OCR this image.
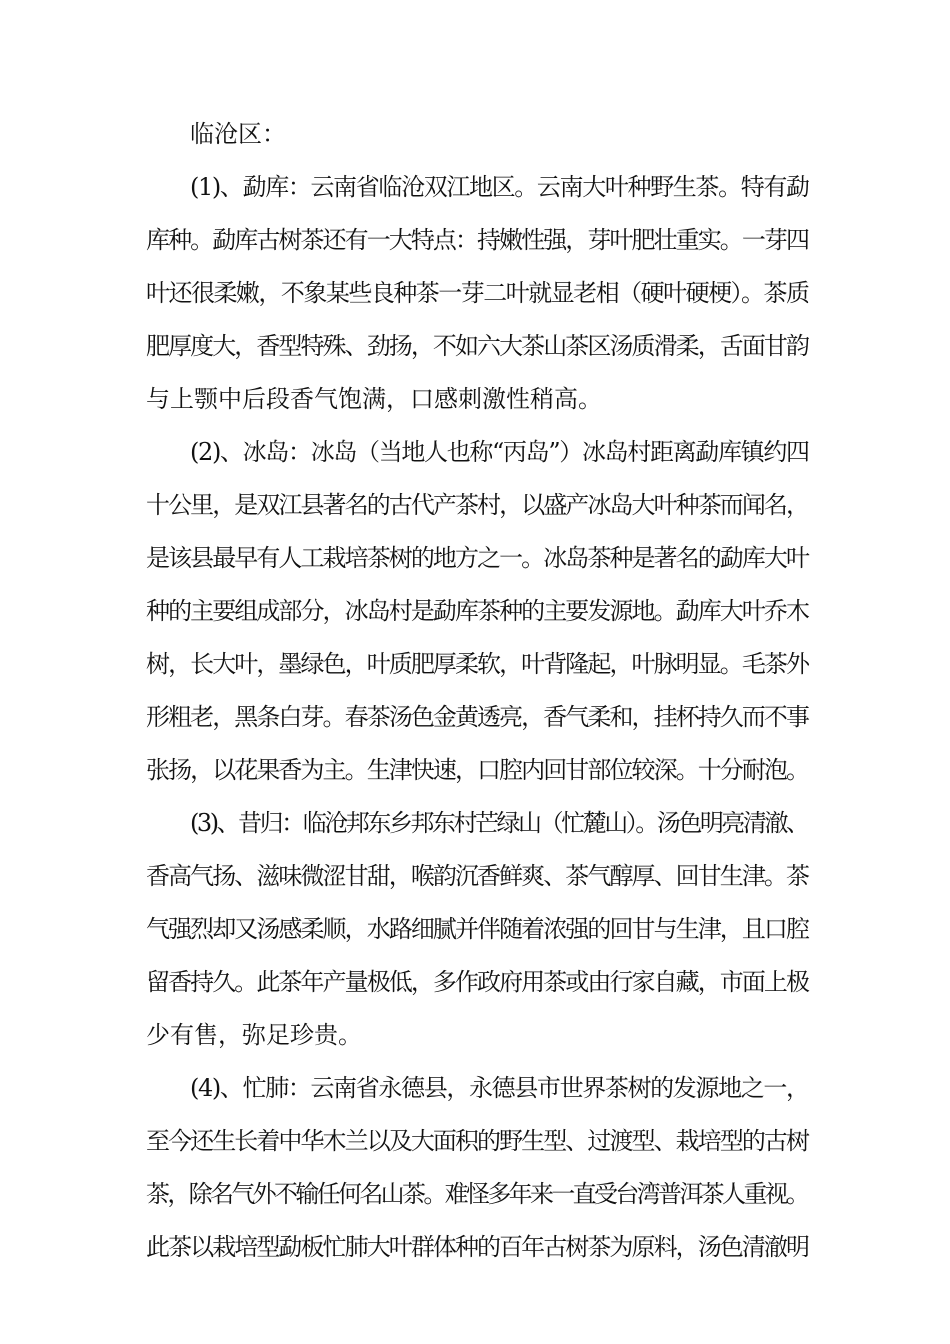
临沧区：
(1)、勐库：云南省临沧双江地区。云南大叶种野生茶。特有勐
库种。勐库古树茶还有一大特点：持嫩性强，芽叶肥壮重实。一芽四
叶还很柔嫩，不象某些良种茶一芽二叶就显老相（硬叶硬梗）。茶质
肥厚度大，香型特殊、劲扬，不如六大茶山茶区汤质滑柔，舌面甘韵
与上颚中后段香气饱满，口感刺激性稍高。
(2)、冰岛：冰岛（当地人也称“丙岛”）冰岛村距离勐库镇约四
十公里，是双江县著名的古代产茶村，以盛产冰岛大叶种茶而闻名，
是该县最早有人工栽培茶树的地方之一。冰岛茶种是著名的勐库大叶
种的主要组成部分，冰岛村是勐库茶种的主要发源地。勐库大叶乔木
树，长大叶，墨绿色，叶质肥厚柔软，叶背隆起，叶脉明显。毛茶外
形粗老，黑条白芽。春茶汤色金黄透亮，香气柔和，挂杯持久而不事
张扬，以花果香为主。生津快速，口腔内回甘部位较深。十分耐泡。
(3)、昔归：临沧邦东乡邦东村芒绿山（忙麓山）。汤色明亮清澈、
香高气扬、滋味微涩甘甜，喉韵沉香鲜爽、茶气醇厚、回甘生津。茶
气强烈却又汤感柔顺，水路细腻并伴随着浓强的回甘与生津，且口腔
留香持久。此茶年产量极低，多作政府用茶或由行家自藏，市面上极
少有售，弥足珍贵。
(4)、忙肺：云南省永德县，永德县市世界茶树的发源地之一，
至今还生长着中华木兰以及大面积的野生型、过渡型、栽培型的古树
茶，除名气外不输任何名山茶。难怪多年来一直受台湾普洱茶人重视。
此茶以栽培型勐板忙肺大叶群体种的百年古树茶为原料，汤色清澈明
